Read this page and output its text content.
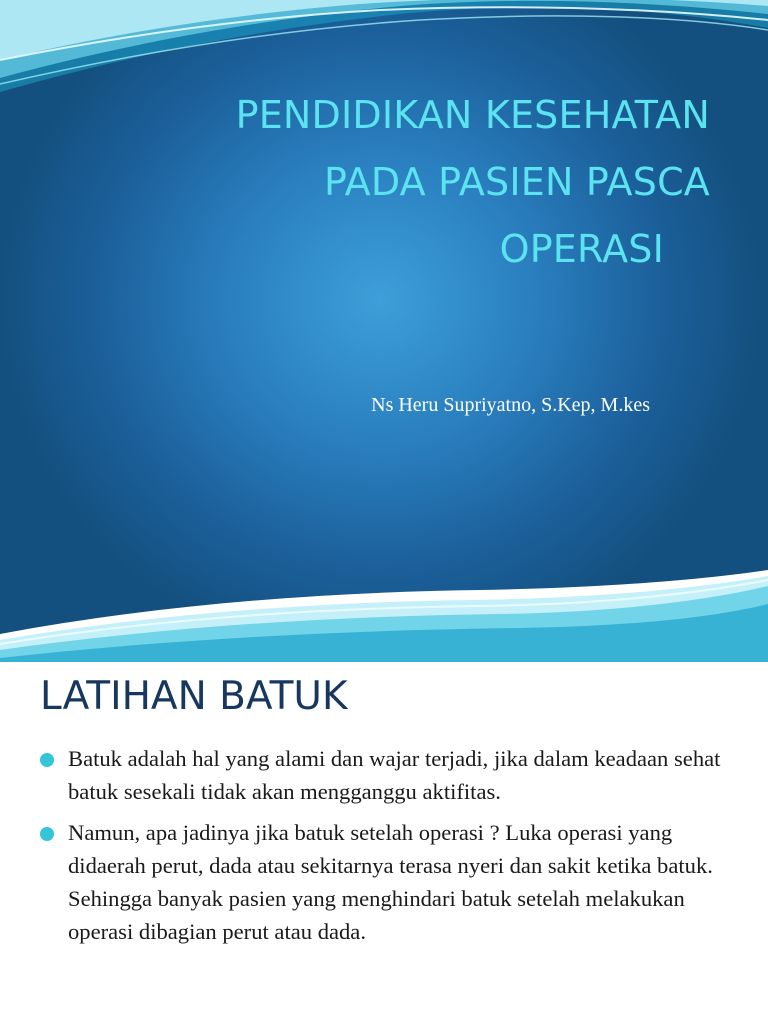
PENDIDIKAN KESEHATAN
PADA PASIEN PASCA
OPERASI

Ns Heru Supriyatno, S.Kep, M.kes

LATIHAN BATUK
Batuk adalah hal yang alami dan wajar terjadi, jika dalam keadaan sehat batuk sesekali tidak akan mengganggu aktifitas.
Namun, apa jadinya jika batuk setelah operasi ? Luka operasi yang didaerah perut, dada atau sekitarnya terasa nyeri dan sakit ketika batuk. Sehingga banyak pasien yang menghindari batuk setelah melakukan operasi dibagian perut atau dada.
